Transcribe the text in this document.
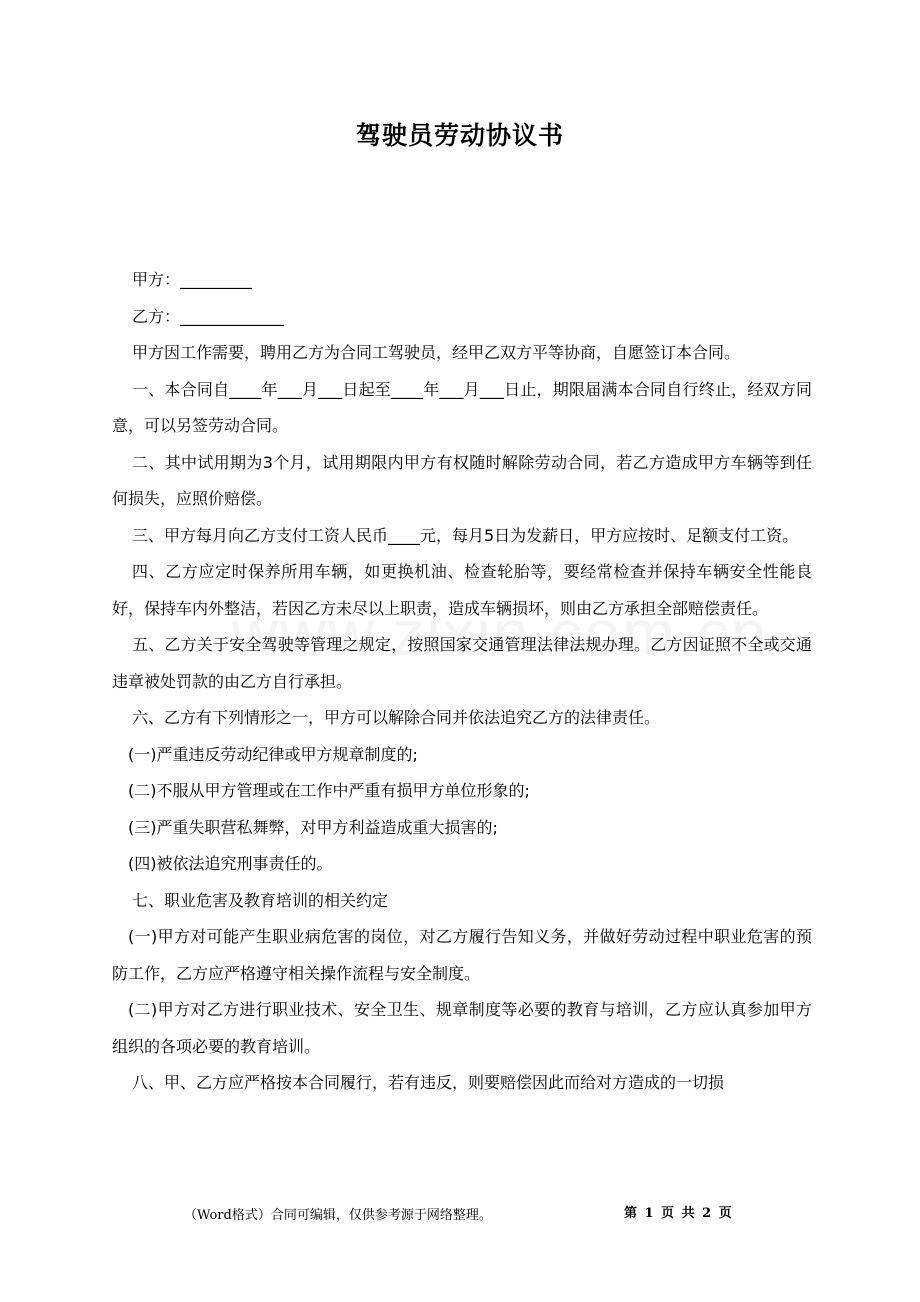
驾驶员劳动协议书

甲方：_________

乙方：_____________

甲方因工作需要，聘用乙方为合同工驾驶员，经甲乙双方平等协商，自愿签订本合同。

一、本合同自____年___月___日起至____年___月___日止，期限届满本合同自行终止，经双方同意，可以另签劳动合同。

二、其中试用期为3个月，试用期限内甲方有权随时解除劳动合同，若乙方造成甲方车辆等到任何损失，应照价赔偿。

三、甲方每月向乙方支付工资人民币____元，每月5日为发薪日，甲方应按时、足额支付工资。

四、乙方应定时保养所用车辆，如更换机油、检查轮胎等，要经常检查并保持车辆安全性能良好，保持车内外整洁，若因乙方未尽以上职责，造成车辆损坏，则由乙方承担全部赔偿责任。

五、乙方关于安全驾驶等管理之规定，按照国家交通管理法律法规办理。乙方因证照不全或交通违章被处罚款的由乙方自行承担。

六、乙方有下列情形之一，甲方可以解除合同并依法追究乙方的法律责任。

(一)严重违反劳动纪律或甲方规章制度的;

(二)不服从甲方管理或在工作中严重有损甲方单位形象的;

(三)严重失职营私舞弊，对甲方利益造成重大损害的;

(四)被依法追究刑事责任的。

七、职业危害及教育培训的相关约定

(一)甲方对可能产生职业病危害的岗位，对乙方履行告知义务，并做好劳动过程中职业危害的预防工作，乙方应严格遵守相关操作流程与安全制度。

(二)甲方对乙方进行职业技术、安全卫生、规章制度等必要的教育与培训，乙方应认真参加甲方组织的各项必要的教育培训。

八、甲、乙方应严格按本合同履行，若有违反，则要赔偿因此而给对方造成的一切损

（Word格式）合同可编辑，仅供参考源于网络整理。	第 1 页 共 2 页
